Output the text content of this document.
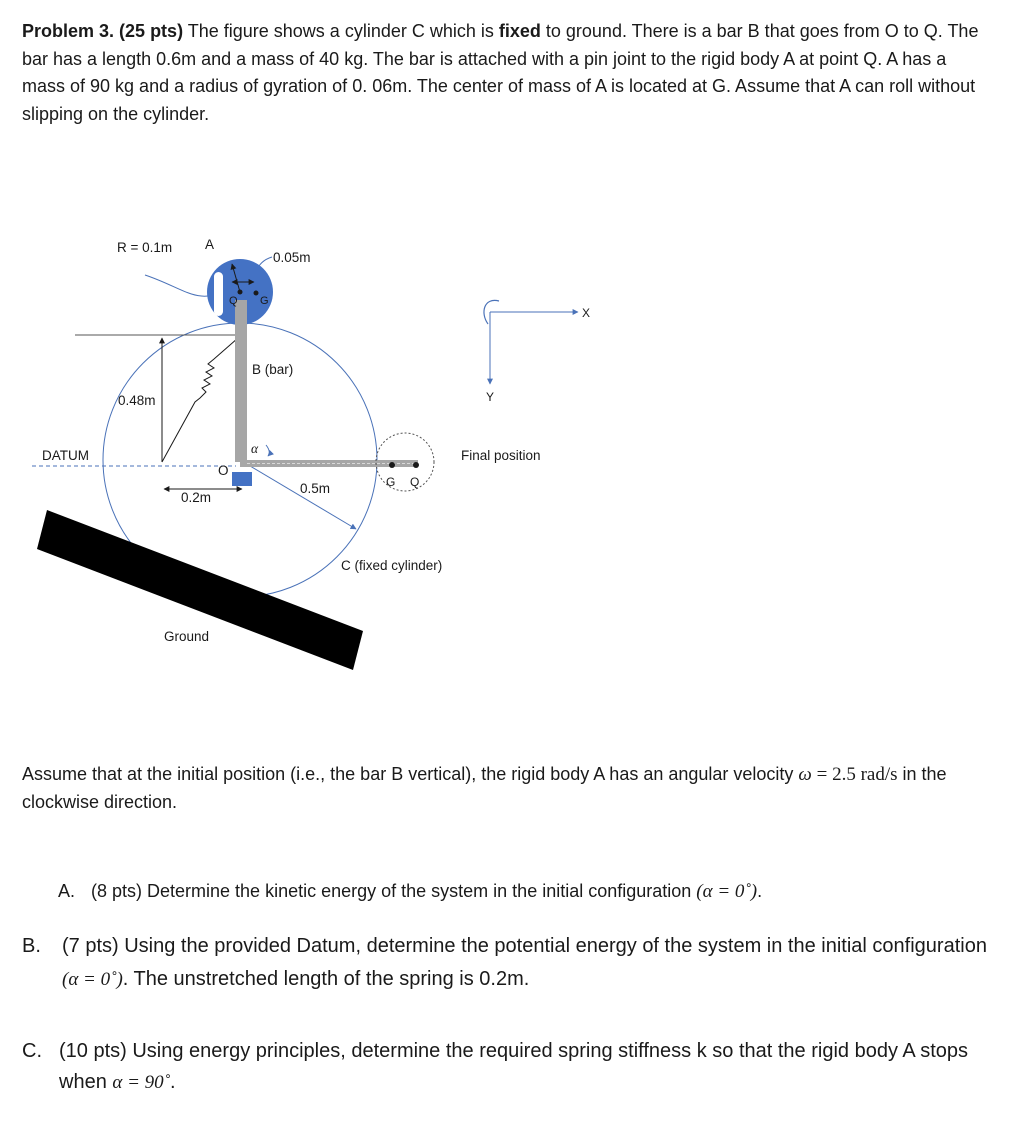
Problem 3. (25 pts) The figure shows a cylinder C which is fixed to ground. There is a bar B that goes from O to Q. The bar has a length 0.6m and a mass of 40 kg. The bar is attached with a pin joint to the rigid body A at point Q. A has a mass of 90 kg and a radius of gyration of 0. 06m. The center of mass of A is located at G. Assume that A can roll without slipping on the cylinder.

R = 0.1m A
0.05m
Q G
B (bar)
0.48m
α
DATUM
O
0.2m
0.5m	G Q
Final position
C (fixed cylinder)
Ground
X
Y

Assume that at the initial position (i.e., the bar B vertical), the rigid body A has an angular velocity ω = 2.5 rad/s in the clockwise direction.

A. (8 pts) Determine the kinetic energy of the system in the initial configuration (α = 0˚).
B. (7 pts) Using the provided Datum, determine the potential energy of the system in the initial configuration (α = 0˚). The unstretched length of the spring is 0.2m.
C. (10 pts) Using energy principles, determine the required spring stiffness k so that the rigid body A stops when α = 90˚.
